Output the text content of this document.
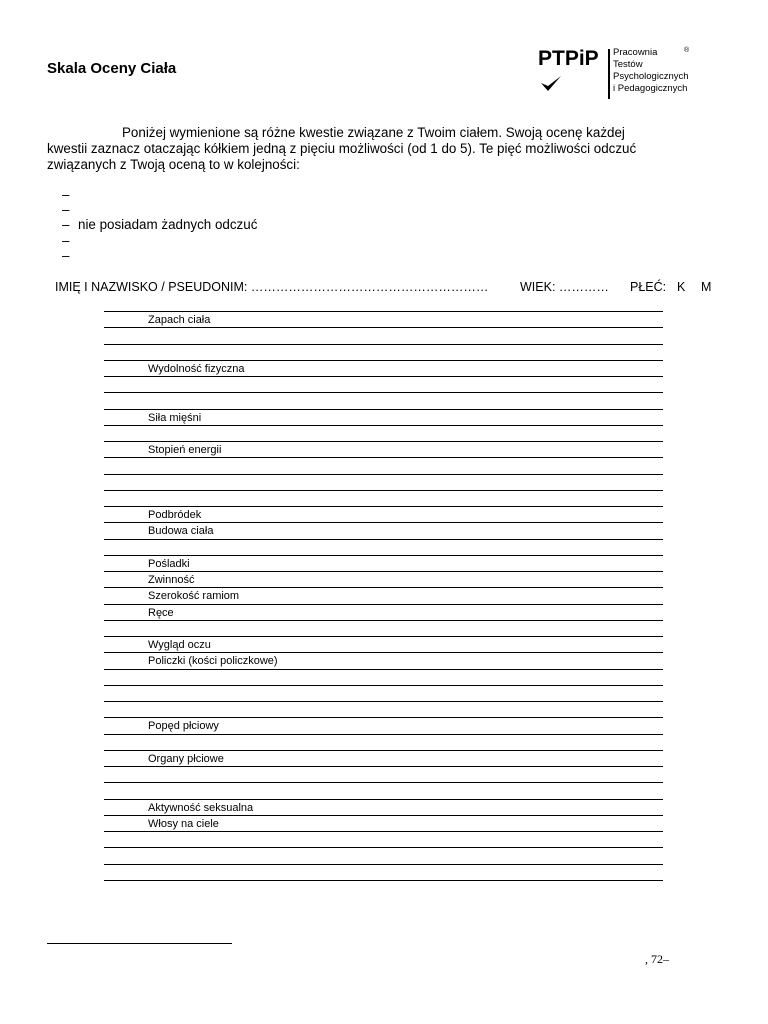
Skala Oceny Ciała	PTPiP Pracownia
Testów
Psychologicznych
i Pedagogicznych
®

Poniżej wymienione są różne kwestie związane z Twoim ciałem. Swoją ocenę każdej

kwestii zaznacz otaczając kółkiem jedną z pięciu możliwości (od 1 do 5). Te pięć możliwości odczuć

związanych z Twoją oceną to w kolejności:

–
–
– nie posiadam żadnych odczuć
–
–
IMIĘ I NAZWISKO / PSEUDONIM: …………………………………………………	WIEK: ………… PŁEĆ: K M
Zapach ciała
Wydolność fizyczna
Siła mięśni
Stopień energii
Podbródek
Budowa ciała
Pośladki
Zwinność
Szerokość ramiom
Ręce
Wygląd oczu
Policzki (kości policzkowe)
Popęd płciowy
Organy płciowe
Aktywność seksualna
Włosy na ciele
, 72–
